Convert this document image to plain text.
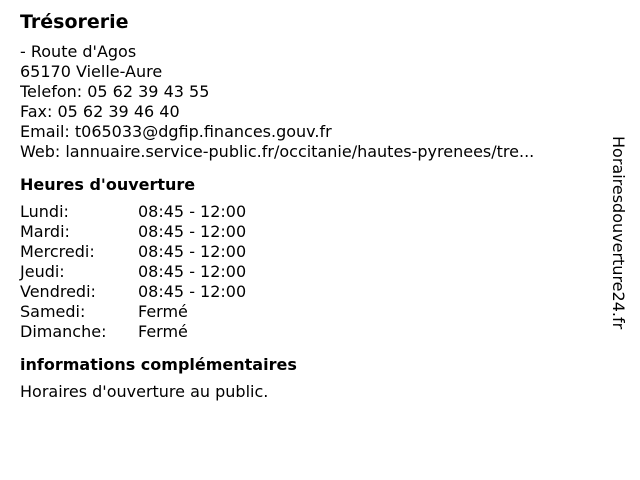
Trésorerie
- Route d'Agos
65170 Vielle-Aure
Telefon: 05 62 39 43 55
Fax: 05 62 39 46 40
Email: t065033@dgfip.finances.gouv.fr
Web: lannuaire.service-public.fr/occitanie/hautes-pyrenees/tre...
Heures d'ouverture
Lundi:	08:45 - 12:00
Mardi:	08:45 - 12:00
Mercredi:	08:45 - 12:00
Jeudi:	08:45 - 12:00
Vendredi:	08:45 - 12:00
Samedi:	Fermé
Dimanche:	Fermé
informations complémentaires
Horaires d'ouverture au public.
Horairesdouverture24.fr
